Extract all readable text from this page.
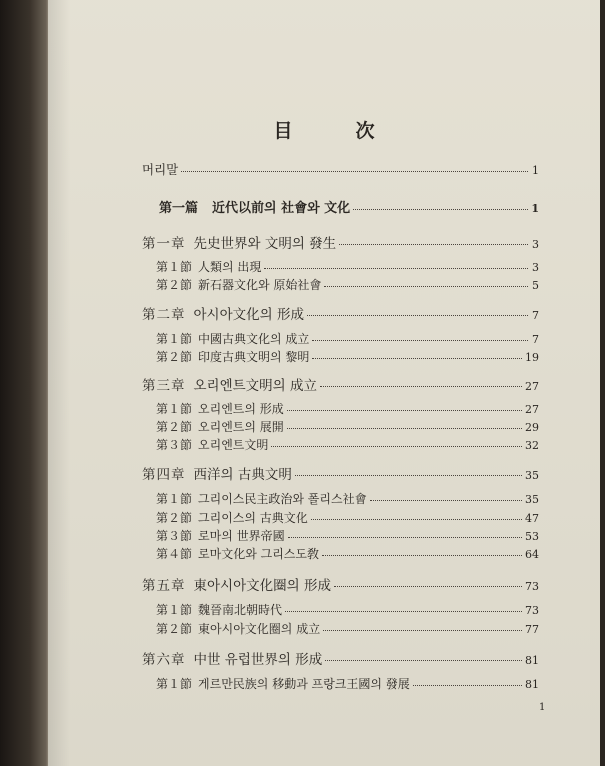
目　次
머리말	1
第一篇 近代以前의 社會와 文化	1
第一章 先史世界와 文明의 發生	3
第１節 人類의 出現	3
第２節 新石器文化와 原始社會	5
第二章 아시아文化의 形成	7
第１節 中國古典文化의 成立	7
第２節 印度古典文明의 黎明	19
第三章 오리엔트文明의 成立	27
第１節 오리엔트의 形成	27
第２節 오리엔트의 展開	29
第３節 오리엔트文明	32
第四章 西洋의 古典文明	35
第１節 그리이스民主政治와 폴리스社會	35
第２節 그리이스의 古典文化	47
第３節 로마의 世界帝國	53
第４節 로마文化와 그리스도敎	64
第五章 東아시아文化圈의 形成	73
第１節 魏晉南北朝時代	73
第２節 東아시아文化圈의 成立	77
第六章 中世 유럽世界의 形成	81
第１節 게르만民族의 移動과 프랑크王國의 發展	81
1
